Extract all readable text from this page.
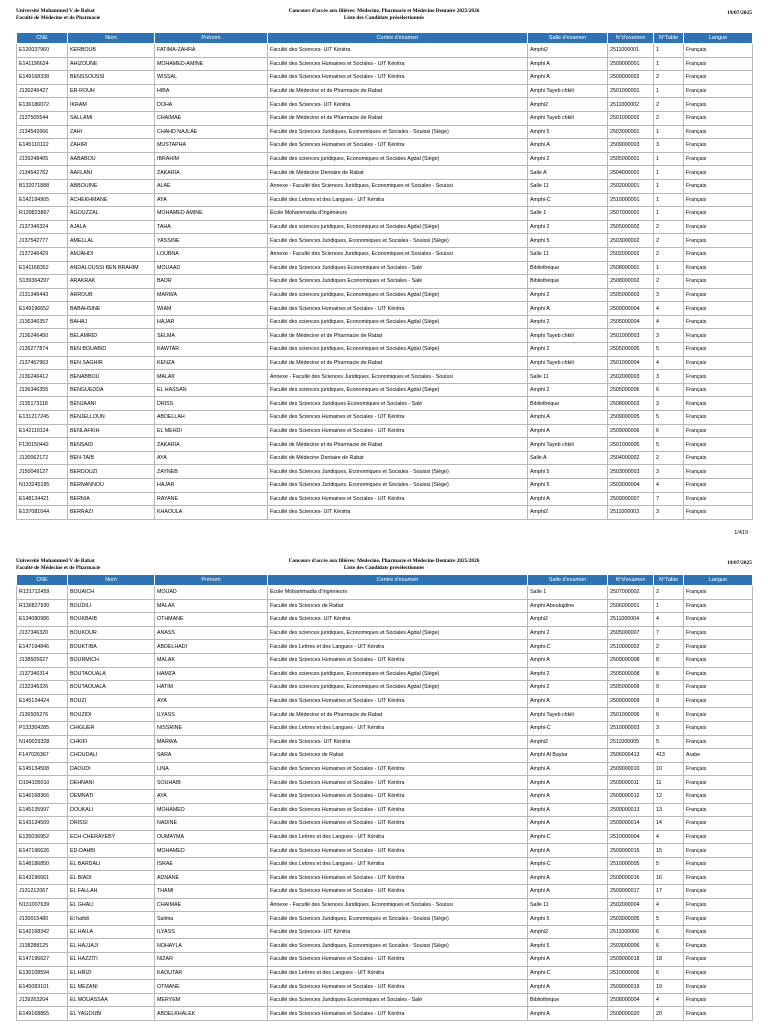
Université Mohammed V de Rabat
Faculté de Médecine et de Pharmacie
Concours d'accès aux filières: Médecine, Pharmacie et Médecine Dentaire 2025/2026
Liste des Candidats présélectionnés
19/07/2025
CNE	Nom	Prénom	Centre d'examen	Salle d'examen	N°d'examen	N°Table	Langue
E120037960	KERBOUB	FATIMA-ZAHRA	Faculté des Sciences- UIT Kénitra	Amphi2	2511000001	1	Français
E141196624	AHIZOUNE	MOHAMED-AMINE	Faculté des Sciences Humaines et Sociales - UIT Kénitra	Amphi A	2509000001	1	Français
E149168338	BENSSOUSSI	WISSAL	Faculté des Sciences Humaines et Sociales - UIT Kénitra	Amphi A	2509000002	2	Français
J130246427	ER-ROUH	HIBA	Faculté de Médecine et de Pharmacie de Rabat	Amphi Tayeb chkili	2501000001	1	Français
E136186072	IKRAM	DOHA	Faculté des Sciences- UIT Kénitra	Amphi2	2511000002	2	Français
J137505544	SALLAMI	CHAIMAE	Faculté de Médecine et de Pharmacie de Rabat	Amphi Tayeb chkili	2501000002	2	Français
J134542666	ZAHI	CHAHD NAJLAE	Faculté des Sciences Juridiques, Economiques et Sociales - Souissi (Siège)	Amphi 5	2503000001	1	Français
E145110122	ZAHIRI	MUSTAPHA	Faculté des Sciences Humaines et Sociales - UIT Kénitra	Amphi A	2509000003	3	Français
J139248405	AABABOU	IBRAHIM	Faculté des sciences juridiques, Economiques et Sociales Agdal (Siège)	Amphi 2	2505000001	1	Français
J134542762	AAFLANI	ZAKARIA	Faculté de Médecine Dentaire de Rabat	Salle A	2504000001	1	Français
B132071888	ABBOUINE	ALAE	Annexe - Faculté des Sciences Juridiques, Economiques et Sociales - Souissi	Salle 11	2502000001	1	Français
E142194905	ACHEKHMANE	AYA	Faculté des Lettres et des Langues - UIT Kénitra	Amphi-C	2510000001	1	Français
R139823867	AGOUZZAL	MOHAMED AMINE	École Mohammadia d'Ingénieurs	Salle 1	2507000001	1	Français
J137346324	AJALA	TAHA	Faculté des sciences juridiques, Economiques et Sociales Agdal (Siège)	Amphi 2	2505000002	2	Français
J137542777	AMELLAL	YASSINE	Faculté des Sciences Juridiques, Economiques et Sociales - Souissi (Siège)	Amphi 5	2503000002	2	Français
J137246429	AMJAHDI	LOUBNA	Annexe - Faculté des Sciences Juridiques, Economiques et Sociales - Souissi	Salle 11	2502000002	2	Français
E141168352	ANDALOUSSI BEN BRAHIM	MOUAAD	Faculté des Sciences Juridiques Economiques et Sociales - Salé	Bibliothèque	2508000001	1	Français
S139364297	ARAKRAK	BADR	Faculté des Sciences Juridiques Economiques et Sociales - Salé	Bibliothèque	2508000002	2	Français
J131346443	ARROUB	MARWA	Faculté des sciences juridiques, Economiques et Sociales Agdal (Siège)	Amphi 2	2505000003	3	Français
E149196652	BABAHSINE	WIAM	Faculté des Sciences Humaines et Sociales - UIT Kénitra	Amphi A	2509000004	4	Français
J136346357	BAHAJ	HAJAR	Faculté des sciences juridiques, Economiques et Sociales Agdal (Siège)	Amphi 2	2505000004	4	Français
J136246450	BELAMRID	SELMA	Faculté de Médecine et de Pharmacie de Rabat	Amphi Tayeb chkili	2501000003	3	Français
J136277874	BEN BOUABID	KAWTAR	Faculté des sciences juridiques, Economiques et Sociales Agdal (Siège)	Amphi 2	2505000005	5	Français
J137467963	BEN SAGHIR	KENZA	Faculté de Médecine et de Pharmacie de Rabat	Amphi Tayeb chkili	2501000004	4	Français
J136246412	BENABBOU	MALAK	Annexe - Faculté des Sciences Juridiques, Economiques et Sociales - Souissi	Salle 11	2502000003	3	Français
J136346355	BENGUEDDA	EL HASSAN	Faculté des sciences juridiques, Economiques et Sociales Agdal (Siège)	Amphi 2	2505000006	6	Français
J135173118	BENJAANI	DRISS	Faculté des Sciences Juridiques Economiques et Sociales - Salé	Bibliothèque	2508000003	3	Français
E131217245	BENJELLOUN	ABDELLAH	Faculté des Sciences Humaines et Sociales - UIT Kénitra	Amphi A	2509000005	5	Français
E142110124	BENLAFKIH	EL MEHDI	Faculté des Sciences Humaines et Sociales - UIT Kénitra	Amphi A	2509000006	6	Français
F130150442	BENSAID	ZAKARIA	Faculté de Médecine et de Pharmacie de Rabat	Amphi Tayeb chkili	2501000005	5	Français
J130062172	BEN-TAIB	AYA	Faculté de Médecine Dentaire de Rabat	Salle A	2504000002	2	Français
J150049127	BERDOUZI	ZAYNEB	Faculté des Sciences Juridiques, Economiques et Sociales - Souissi (Siège)	Amphi 5	2503000003	3	Français
N133245185	BERNANNOU	HAJAR	Faculté des Sciences Juridiques, Economiques et Sociales - Souissi (Siège)	Amphi 5	2503000004	4	Français
E148134421	BERNIA	RAYANE	Faculté des Sciences Humaines et Sociales - UIT Kénitra	Amphi A	2509000007	7	Français
E137081044	BERRAZI	KHAOULA	Faculté des Sciences- UIT Kénitra	Amphi2	2511000003	3	Français
1/419
Université Mohammed V de Rabat
Faculté de Médecine et de Pharmacie
Concours d'accès aux filières: Médecine, Pharmacie et Médecine Dentaire 2025/2026
Liste des Candidats présélectionnés
19/07/2025
CNE	Nom	Prénom	Centre d'examen	Salle d'examen	N°d'examen	N°Table	Langue
R131712459	BOUAICH	MOUAD	École Mohammadia d'Ingénieurs	Salle 1	2507000002	2	Français
R136827930	BOUDILI	MALAK	Faculté des Sciences de Rabat	Amphi Aboutajdine	2506000001	1	Français
E134080986	BOUKBAIB	OTHMANE	Faculté des Sciences- UIT Kénitra	Amphi2	2511000004	4	Français
J137346320	BOUKOUR	ANASS	Faculté des sciences juridiques, Economiques et Sociales Agdal (Siège)	Amphi 2	2505000007	7	Français
E147194846	BOUKTIBA	ABDELHADI	Faculté des Lettres et des Langues - UIT Kénitra	Amphi-C	2510000002	2	Français
J138505627	BOURMICH	MALAK	Faculté des Sciences Humaines et Sociales - UIT Kénitra	Amphi A	2509000008	8	Français
J137346314	BOUTAOUALA	HAMZA	Faculté des sciences juridiques, Economiques et Sociales Agdal (Siège)	Amphi 2	2505000008	8	Français
J132346326	BOUTAOUALA	HATIM	Faculté des sciences juridiques, Economiques et Sociales Agdal (Siège)	Amphi 2	2505000009	9	Français
E145134424	BOUZI	AYA	Faculté des Sciences Humaines et Sociales - UIT Kénitra	Amphi A	2509000009	9	Français
J136505276	BOUZIDI	ILYASS	Faculté de Médecine et de Pharmacie de Rabat	Amphi Tayeb chkili	2501000006	6	Français
P133304285	CHIGUER	NISSRINE	Faculté des Lettres et des Langues - UIT Kénitra	Amphi-C	2510000003	3	Français
N149029328	CHKIFI	MARWA	Faculté des Sciences- UIT Kénitra	Amphi2	2511000005	5	Français
F147026367	CHOUDALI	SARA	Faculté des Sciences de Rabat	Amphi Al Baytar	2506000413	413	Arabe
E145134508	DAOUDI	LINA	Faculté des Sciences Humaines et Sociales - UIT Kénitra	Amphi A	2509000010	10	Français
D194105010	DEHNANI	SOUHAIB	Faculté des Sciences Humaines et Sociales - UIT Kénitra	Amphi A	2509000011	11	Français
E146168366	DEMNATI	AYA	Faculté des Sciences Humaines et Sociales - UIT Kénitra	Amphi A	2509000012	12	Français
E145135997	DOUKALI	MOHAMED	Faculté des Sciences Humaines et Sociales - UIT Kénitra	Amphi A	2509000013	13	Français
E143134509	DRISSI	NADINE	Faculté des Sciences Humaines et Sociales - UIT Kénitra	Amphi A	2509000014	14	Français
E135036952	ECH-CHERAYEBY	OUMAYMA	Faculté des Lettres et des Langues - UIT Kénitra	Amphi-C	2510000004	4	Français
E147196626	ED-DAHBI	MOHAMED	Faculté des Sciences Humaines et Sociales - UIT Kénitra	Amphi A	2509000015	15	Français
E148186850	EL BARDALI	ISRAE	Faculté des Lettres et des Langues - UIT Kénitra	Amphi-C	2510000005	5	Français
E143196661	EL BIADI	ADNANE	Faculté des Sciences Humaines et Sociales - UIT Kénitra	Amphi A	2509000016	16	Français
J131212067	EL FALLAH	THAMI	Faculté des Sciences Humaines et Sociales - UIT Kénitra	Amphi A	2509000017	17	Français
N131007639	EL GHALI	CHAIMAE	Annexe - Faculté des Sciences Juridiques, Economiques et Sociales - Souissi	Salle 11	2502000004	4	Français
J130015480	El hafidi	Salima	Faculté des Sciences Juridiques, Economiques et Sociales - Souissi (Siège)	Amphi 5	2503000005	5	Français
E142168342	EL HAILA	ILYASS	Faculté des Sciences- UIT Kénitra	Amphi2	2511000006	6	Français
J138288125	EL HAJJAJI	NOHAYLA	Faculté des Sciences Juridiques, Economiques et Sociales - Souissi (Siège)	Amphi 5	2503000006	6	Français
E147196627	EL HAZZITI	NIZAR	Faculté des Sciences Humaines et Sociales - UIT Kénitra	Amphi A	2509000018	18	Français
E130108594	EL HRIZI	KAOUTAR	Faculté des Lettres et des Langues - UIT Kénitra	Amphi-C	2510000006	6	Français
E145083101	EL MEZANI	OTMANE	Faculté des Sciences Humaines et Sociales - UIT Kénitra	Amphi A	2509000019	19	Français
J139263204	EL MOUASSAA	MERYEM	Faculté des Sciences Juridiques Economiques et Sociales - Salé	Bibliothèque	2508000004	4	Français
E149168865	EL YAGOUBI	ABDELKHALEK	Faculté des Sciences Humaines et Sociales - UIT Kénitra	Amphi A	2509000020	20	Français
